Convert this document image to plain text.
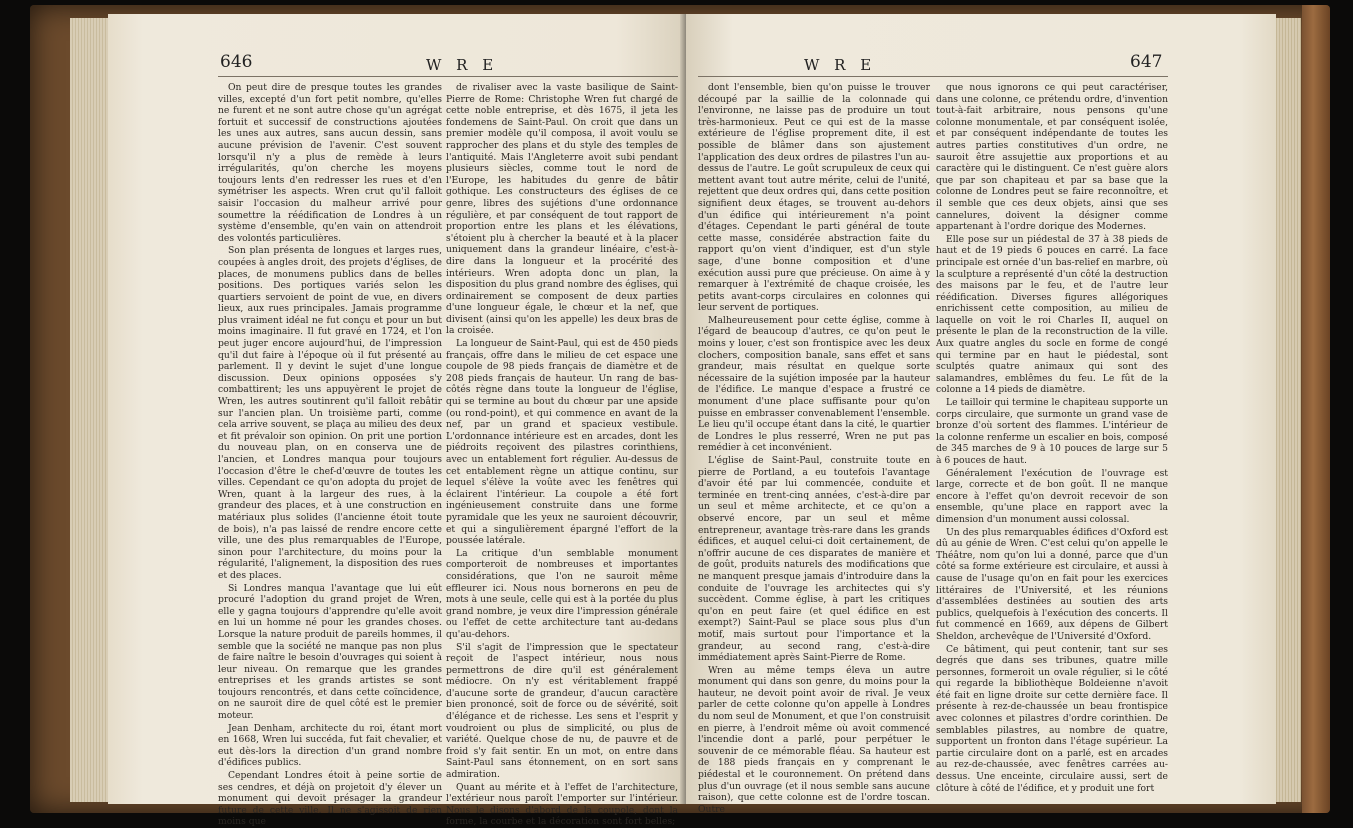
646	W R E

On peut dire de presque toutes les grandes villes, excepté d'un fort petit nombre, qu'elles ne furent et ne sont autre chose qu'un agrégat fortuit et successif de constructions ajoutées les unes aux autres, sans aucun dessin, sans aucune prévision de l'avenir. C'est souvent lorsqu'il n'y a plus de remède à leurs irrégularités, qu'on cherche les moyens toujours lents d'en redresser les rues et d'en symétriser les aspects. Wren crut qu'il falloit saisir l'occasion du malheur arrivé pour soumettre la réédification de Londres à un système d'ensemble, qu'en vain on attendroit des volontés particulières.

Son plan présenta de longues et larges rues, coupées à angles droit, des projets d'églises, de places, de monumens publics dans de belles positions. Des portiques variés selon les quartiers servoient de point de vue, en divers lieux, aux rues principales. Jamais programme plus vraiment idéal ne fut conçu et pour un but moins imaginaire. Il fut gravé en 1724, et l'on peut juger encore aujourd'hui, de l'impression qu'il dut faire à l'époque où il fut présenté au parlement. Il y devint le sujet d'une longue discussion. Deux opinions opposées s'y combattirent; les uns appuyèrent le projet de Wren, les autres soutinrent qu'il falloit rebâtir sur l'ancien plan. Un troisième parti, comme cela arrive souvent, se plaça au milieu des deux et fit prévaloir son opinion. On prit une portion du nouveau plan, on en conserva une de l'ancien, et Londres manqua pour toujours l'occasion d'être le chef-d'œuvre de toutes les villes. Cependant ce qu'on adopta du projet de Wren, quant à la largeur des rues, à la grandeur des places, et à une construction en matériaux plus solides (l'ancienne étoit toute de bois), n'a pas laissé de rendre encore cette ville, une des plus remarquables de l'Europe, sinon pour l'architecture, du moins pour la régularité, l'alignement, la disposition des rues et des places.

Si Londres manqua l'avantage que lui eût procuré l'adoption du grand projet de Wren, elle y gagna toujours d'apprendre qu'elle avoit en lui un homme né pour les grandes choses. Lorsque la nature produit de pareils hommes, il semble que la société ne manque pas non plus de faire naître le besoin d'ouvrages qui soient à leur niveau. On remarque que les grandes entreprises et les grands artistes se sont toujours rencontrés, et dans cette coïncidence, on ne sauroit dire de quel côté est le premier moteur.

Jean Denham, architecte du roi, étant mort en 1668, Wren lui succéda, fut fait chevalier, et eut dès-lors la direction d'un grand nombre d'édifices publics.

Cependant Londres étoit à peine sortie de ses cendres, et déjà on projetoit d'y élever un monument qui devoit présager la grandeur future de cette ville. Il ne s'agissoit de rien moins que

de rivaliser avec la vaste basilique de Saint-Pierre de Rome: Christophe Wren fut chargé de cette noble entreprise, et dès 1675, il jeta les fondemens de Saint-Paul. On croit que dans un premier modèle qu'il composa, il avoit voulu se rapprocher des plans et du style des temples de l'antiquité. Mais l'Angleterre avoit subi pendant plusieurs siècles, comme tout le nord de l'Europe, les habitudes du genre de bâtir gothique. Les constructeurs des églises de ce genre, libres des sujétions d'une ordonnance régulière, et par conséquent de tout rapport de proportion entre les plans et les élévations, s'étoient plu à chercher la beauté et à la placer uniquement dans la grandeur linéaire, c'est-à-dire dans la longueur et la procérité des intérieurs. Wren adopta donc un plan, la disposition du plus grand nombre des églises, qui ordinairement se composent de deux parties d'une longueur égale, le chœur et la nef, que divisent (ainsi qu'on les appelle) les deux bras de la croisée.

La longueur de Saint-Paul, qui est de 450 pieds français, offre dans le milieu de cet espace une coupole de 98 pieds français de diamètre et de 208 pieds français de hauteur. Un rang de bas-côtés règne dans toute la longueur de l'église, qui se termine au bout du chœur par une apside (ou rond-point), et qui commence en avant de la nef, par un grand et spacieux vestibule. L'ordonnance intérieure est en arcades, dont les piédroits reçoivent des pilastres corinthiens, avec un entablement fort régulier. Au-dessus de cet entablement règne un attique continu, sur lequel s'élève la voûte avec les fenêtres qui éclairent l'intérieur. La coupole a été fort ingénieusement construite dans une forme pyramidale que les yeux ne sauroient découvrir, et qui a singulièrement épargné l'effort de la poussée latérale.

La critique d'un semblable monument comporteroit de nombreuses et importantes considérations, que l'on ne sauroit même effleurer ici. Nous nous bornerons en peu de mots à une seule, celle qui est à la portée du plus grand nombre, je veux dire l'impression générale ou l'effet de cette architecture tant au-dedans qu'au-dehors.

S'il s'agit de l'impression que le spectateur reçoit de l'aspect intérieur, nous nous permettrons de dire qu'il est généralement médiocre. On n'y est véritablement frappé d'aucune sorte de grandeur, d'aucun caractère bien prononcé, soit de force ou de sévérité, soit d'élégance et de richesse. Les sens et l'esprit y voudroient ou plus de simplicité, ou plus de variété. Quelque chose de nu, de pauvre et de froid s'y fait sentir. En un mot, on entre dans Saint-Paul sans étonnement, on en sort sans admiration.

Quant au mérite et à l'effet de l'architecture, l'extérieur nous paroît l'emporter sur l'intérieur. Nous le disons d'abord de la coupole, dont la forme, la courbe et la décoration sont fort belles;

W R E	647

dont l'ensemble, bien qu'on puisse le trouver découpé par la saillie de la colonnade qui l'environne, ne laisse pas de produire un tout très-harmonieux. Peut ce qui est de la masse extérieure de l'église proprement dite, il est possible de blâmer dans son ajustement l'application des deux ordres de pilastres l'un au-dessus de l'autre. Le goût scrupuleux de ceux qui mettent avant tout autre mérite, celui de l'unité, rejettent que deux ordres qui, dans cette position signifient deux étages, se trouvent au-dehors d'un édifice qui intérieurement n'a point d'étages. Cependant le parti général de toute cette masse, considérée abstraction faite du rapport qu'on vient d'indiquer, est d'un style sage, d'une bonne composition et d'une exécution aussi pure que précieuse. On aime à y remarquer à l'extrémité de chaque croisée, les petits avant-corps circulaires en colonnes qui leur servent de portiques.

Malheureusement pour cette église, comme à l'égard de beaucoup d'autres, ce qu'on peut le moins y louer, c'est son frontispice avec les deux clochers, composition banale, sans effet et sans grandeur, mais résultat en quelque sorte nécessaire de la sujétion imposée par la hauteur de l'édifice. Le manque d'espace a frustré ce monument d'une place suffisante pour qu'on puisse en embrasser convenablement l'ensemble. Le lieu qu'il occupe étant dans la cité, le quartier de Londres le plus resserré, Wren ne put pas remédier à cet inconvénient.

L'église de Saint-Paul, construite toute en pierre de Portland, a eu toutefois l'avantage d'avoir été par lui commencée, conduite et terminée en trent-cinq années, c'est-à-dire par un seul et même architecte, et ce qu'on a observé encore, par un seul et même entrepreneur, avantage très-rare dans les grands édifices, et auquel celui-ci doit certainement, de n'offrir aucune de ces disparates de manière et de goût, produits naturels des modifications que ne manquent presque jamais d'introduire dans la conduite de l'ouvrage les architectes qui s'y succèdent. Comme église, à part les critiques qu'on en peut faire (et quel édifice en est exempt?) Saint-Paul se place sous plus d'un motif, mais surtout pour l'importance et la grandeur, au second rang, c'est-à-dire immédiatement après Saint-Pierre de Rome.

Wren au même temps éleva un autre monument qui dans son genre, du moins pour la hauteur, ne devoit point avoir de rival. Je veux parler de cette colonne qu'on appelle à Londres du nom seul de Monument, et que l'on construisit en pierre, à l'endroit même où avoit commencé l'incendie dont a parlé, pour perpétuer le souvenir de ce mémorable fléau. Sa hauteur est de 188 pieds français en y comprenant le piédestal et le couronnement. On prétend dans plus d'un ouvrage (et il nous semble sans aucune raison), que cette colonne est de l'ordre toscan. Outre

que nous ignorons ce qui peut caractériser, dans une colonne, ce prétendu ordre, d'invention tout-à-fait arbitraire, nous pensons qu'une colonne monumentale, et par conséquent isolée, et par conséquent indépendante de toutes les autres parties constitutives d'un ordre, ne sauroit être assujettie aux proportions et au caractère qui le distinguent. Ce n'est guère alors que par son chapiteau et par sa base que la colonne de Londres peut se faire reconnoître, et il semble que ces deux objets, ainsi que ses cannelures, doivent la désigner comme appartenant à l'ordre dorique des Modernes.

Elle pose sur un piédestal de 37 à 38 pieds de haut et de 19 pieds 6 pouces en carré. La face principale est ornée d'un bas-relief en marbre, où la sculpture a représenté d'un côté la destruction des maisons par le feu, et de l'autre leur réédification. Diverses figures allégoriques enrichissent cette composition, au milieu de laquelle on voit le roi Charles II, auquel on présente le plan de la reconstruction de la ville. Aux quatre angles du socle en forme de congé qui termine par en haut le piédestal, sont sculptés quatre animaux qui sont des salamandres, emblêmes du feu. Le fût de la colonne a 14 pieds de diamètre.

Le tailloir qui termine le chapiteau supporte un corps circulaire, que surmonte un grand vase de bronze d'où sortent des flammes. L'intérieur de la colonne renferme un escalier en bois, composé de 345 marches de 9 à 10 pouces de large sur 5 à 6 pouces de haut.

Généralement l'exécution de l'ouvrage est large, correcte et de bon goût. Il ne manque encore à l'effet qu'on devroit recevoir de son ensemble, qu'une place en rapport avec la dimension d'un monument aussi colossal.

Un des plus remarquables édifices d'Oxford est dû au génie de Wren. C'est celui qu'on appelle le Théâtre, nom qu'on lui a donné, parce que d'un côté sa forme extérieure est circulaire, et aussi à cause de l'usage qu'on en fait pour les exercices littéraires de l'Université, et les réunions d'assemblées destinées au soutien des arts publics, quelquefois à l'exécution des concerts. Il fut commencé en 1669, aux dépens de Gilbert Sheldon, archevêque de l'Université d'Oxford.

Ce bâtiment, qui peut contenir, tant sur ses degrés que dans ses tribunes, quatre mille personnes, formeroit un ovale régulier, si le côté qui regarde la bibliothèque Boldeienne n'avoit été fait en ligne droite sur cette dernière face. Il présente à rez-de-chaussée un beau frontispice avec colonnes et pilastres d'ordre corinthien. De semblables pilastres, au nombre de quatre, supportent un fronton dans l'étage supérieur. La partie circulaire dont on a parlé, est en arcades au rez-de-chaussée, avec fenêtres carrées au-dessus. Une enceinte, circulaire aussi, sert de clôture à côté de l'édifice, et y produit une fort
